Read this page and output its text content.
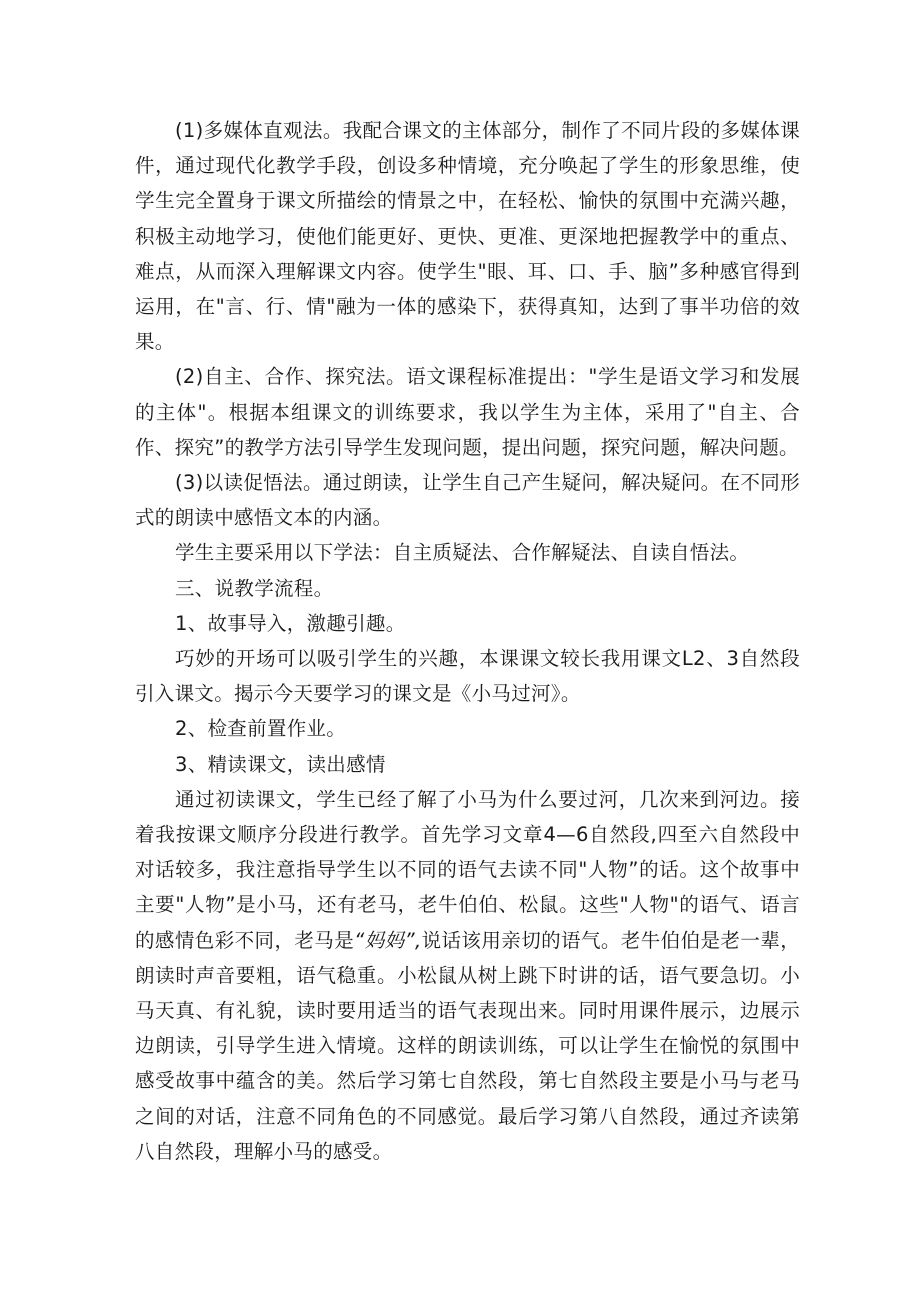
(1)多媒体直观法。我配合课文的主体部分，制作了不同片段的多媒体课件，通过现代化教学手段，创设多种情境，充分唤起了学生的形象思维，使学生完全置身于课文所描绘的情景之中，在轻松、愉快的氛围中充满兴趣，积极主动地学习，使他们能更好、更快、更准、更深地把握教学中的重点、难点，从而深入理解课文内容。使学生"眼、耳、口、手、脑”多种感官得到运用，在"言、行、情"融为一体的感染下，获得真知，达到了事半功倍的效果。

(2)自主、合作、探究法。语文课程标准提出："学生是语文学习和发展的主体"。根据本组课文的训练要求，我以学生为主体，采用了"自主、合作、探究”的教学方法引导学生发现问题，提出问题，探究问题，解决问题。

(3)以读促悟法。通过朗读，让学生自己产生疑问，解决疑问。在不同形式的朗读中感悟文本的内涵。

学生主要采用以下学法：自主质疑法、合作解疑法、自读自悟法。

三、说教学流程。

1、故事导入，激趣引趣。

巧妙的开场可以吸引学生的兴趣，本课课文较长我用课文L2、3自然段引入课文。揭示今天要学习的课文是《小马过河》。

2、检查前置作业。

3、精读课文，读出感情

通过初读课文，学生已经了解了小马为什么要过河，几次来到河边。接着我按课文顺序分段进行教学。首先学习文章4—6自然段,四至六自然段中对话较多，我注意指导学生以不同的语气去读不同"人物”的话。这个故事中主要"人物”是小马，还有老马，老牛伯伯、松鼠。这些"人物"的语气、语言的感情色彩不同，老马是“妈妈”,说话该用亲切的语气。老牛伯伯是老一辈，朗读时声音要粗，语气稳重。小松鼠从树上跳下时讲的话，语气要急切。小马天真、有礼貌，读时要用适当的语气表现出来。同时用课件展示，边展示边朗读，引导学生进入情境。这样的朗读训练，可以让学生在愉悦的氛围中感受故事中蕴含的美。然后学习第七自然段，第七自然段主要是小马与老马之间的对话，注意不同角色的不同感觉。最后学习第八自然段，通过齐读第八自然段，理解小马的感受。
